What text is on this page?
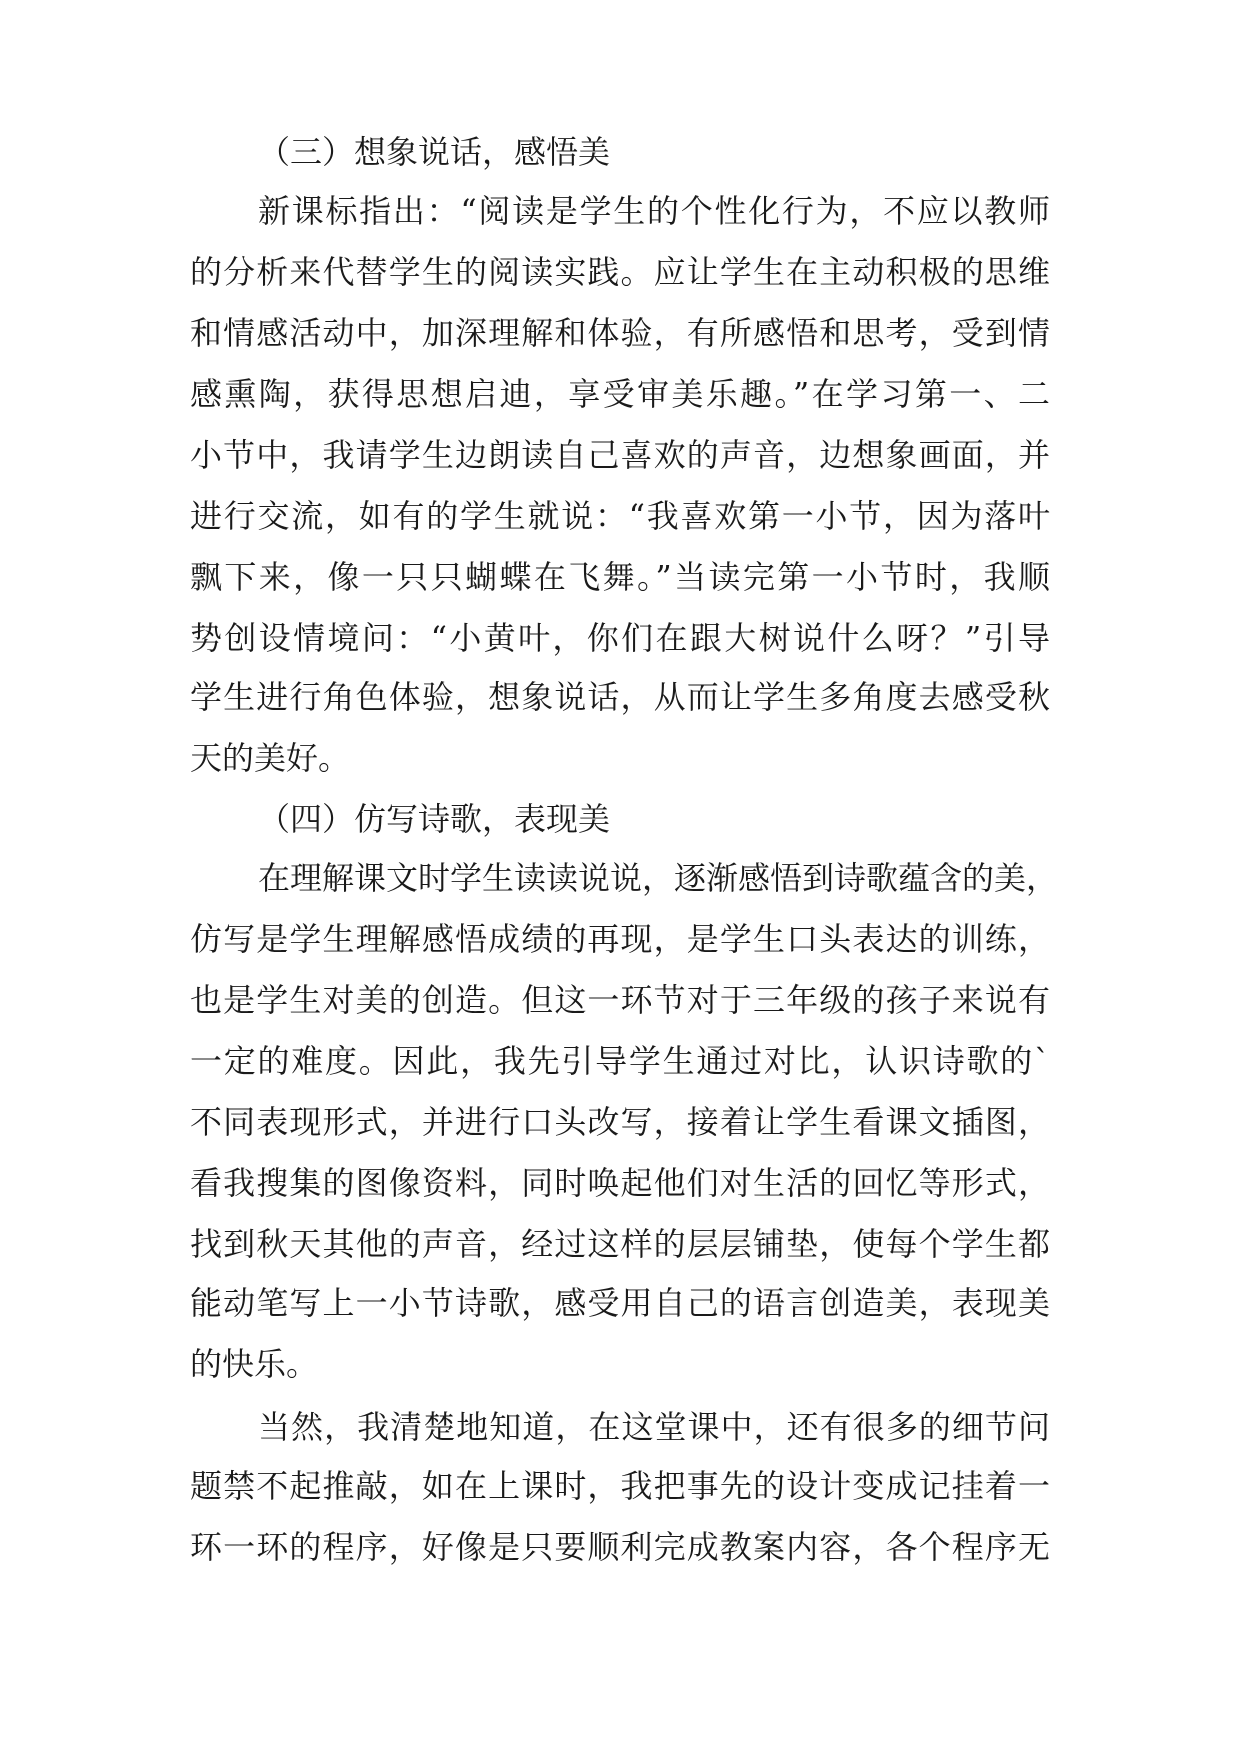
（三）想象说话，感悟美
新课标指出：“阅读是学生的个性化行为，不应以教师
的分析来代替学生的阅读实践。应让学生在主动积极的思维
和情感活动中，加深理解和体验，有所感悟和思考，受到情
感熏陶，获得思想启迪，享受审美乐趣。”在学习第一、二
小节中，我请学生边朗读自己喜欢的声音，边想象画面，并
进行交流，如有的学生就说：“我喜欢第一小节，因为落叶
飘下来，像一只只蝴蝶在飞舞。”当读完第一小节时，我顺
势创设情境问：“小黄叶，你们在跟大树说什么呀？”引导
学生进行角色体验，想象说话，从而让学生多角度去感受秋
天的美好。
（四）仿写诗歌，表现美
在理解课文时学生读读说说，逐渐感悟到诗歌蕴含的美，
仿写是学生理解感悟成绩的再现，是学生口头表达的训练，
也是学生对美的创造。但这一环节对于三年级的孩子来说有
一定的难度。因此，我先引导学生通过对比，认识诗歌的`
不同表现形式，并进行口头改写，接着让学生看课文插图，
看我搜集的图像资料，同时唤起他们对生活的回忆等形式，
找到秋天其他的声音，经过这样的层层铺垫，使每个学生都
能动笔写上一小节诗歌，感受用自己的语言创造美，表现美
的快乐。
当然，我清楚地知道，在这堂课中，还有很多的细节问
题禁不起推敲，如在上课时，我把事先的设计变成记挂着一
环一环的程序，好像是只要顺利完成教案内容，各个程序无
